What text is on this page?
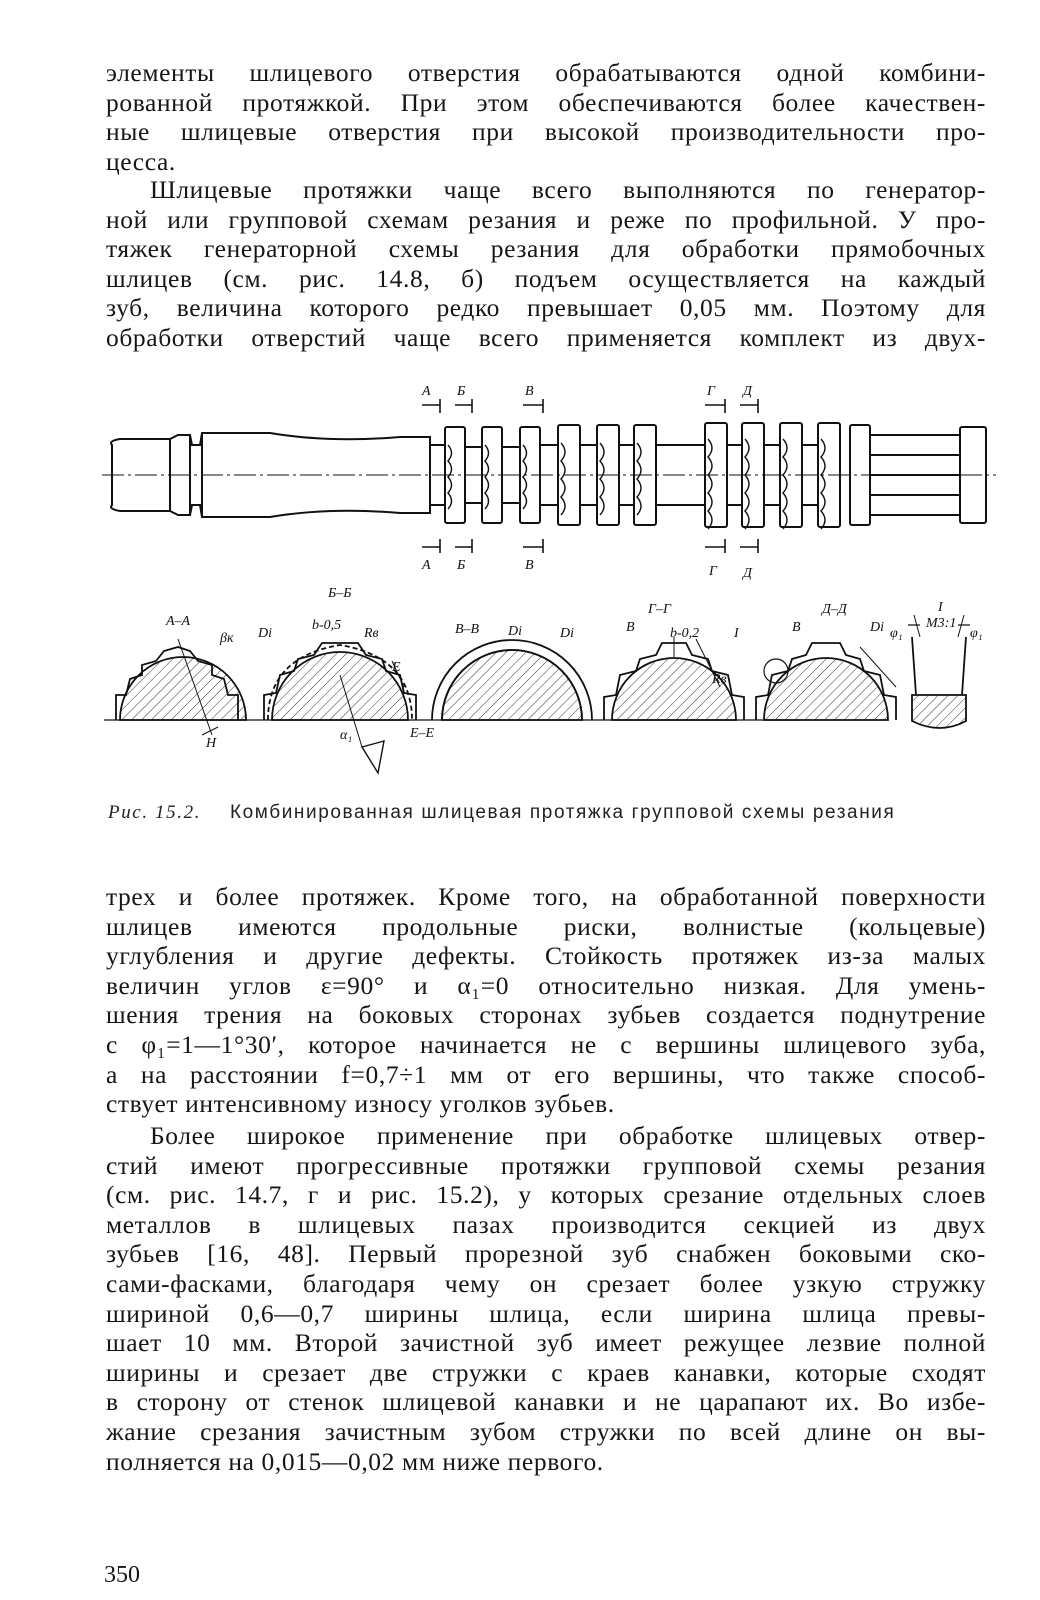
элементы шлицевого отверстия обрабатываются одной комбини-
рованной протяжкой. При этом обеспечиваются более качествен-
ные шлицевые отверстия при высокой производительности про-
цесса.

Шлицевые протяжки чаще всего выполняются по генератор-
ной или групповой схемам резания и реже по профильной. У про-
тяжек генераторной схемы резания для обработки прямобочных
шлицев (см. рис. 14.8, б) подъем осуществляется на каждый
зуб, величина которого редко превышает 0,05 мм. Поэтому для
обработки отверстий чаще всего применяется комплект из двух-

А Б	В	Г Д
А Б	В	Г Д
А–А
Б–Б
В–В
Г–Г	Д–Д
Е–Е
I
βк Dі
b-0,5
Rв
E
H
α₁
Dі	Dі	B	b-0,2
Rв
I	B	Dі φ₁
M3:1
φ₁
Рис. 15.2. Комбинированная шлицевая протяжка групповой схемы резания

трех и более протяжек. Кроме того, на обработанной поверхности
шлицев имеются продольные риски, волнистые (кольцевые)
углубления и другие дефекты. Стойкость протяжек из-за малых
величин углов ε=90° и α₁=0 относительно низкая. Для умень-
шения трения на боковых сторонах зубьев создается поднутрение
с φ₁=1—1°30′, которое начинается не с вершины шлицевого зуба,
а на расстоянии f=0,7÷1 мм от его вершины, что также способ-
ствует интенсивному износу уголков зубьев.

Более широкое применение при обработке шлицевых отвер-
стий имеют прогрессивные протяжки групповой схемы резания
(см. рис. 14.7, г и рис. 15.2), у которых срезание отдельных слоев
металлов в шлицевых пазах производится секцией из двух
зубьев [16, 48]. Первый прорезной зуб снабжен боковыми ско-
сами-фасками, благодаря чему он срезает более узкую стружку
шириной 0,6—0,7 ширины шлица, если ширина шлица превы-
шает 10 мм. Второй зачистной зуб имеет режущее лезвие полной
ширины и срезает две стружки с краев канавки, которые сходят
в сторону от стенок шлицевой канавки и не царапают их. Во избе-
жание срезания зачистным зубом стружки по всей длине он вы-
полняется на 0,015—0,02 мм ниже первого.

350
